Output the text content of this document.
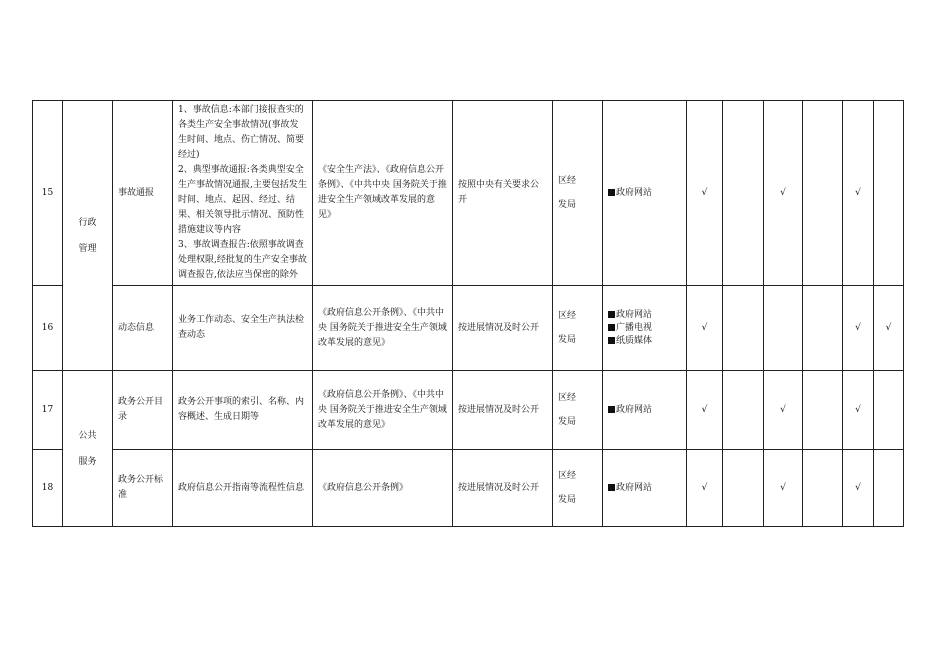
15	行政
管理	事故通报	1、事故信息:本部门接报查实的各类生产安全事故情况(事故发生时间、地点、伤亡情况、简要经过)
2、典型事故通报:各类典型安全生产事故情况通报,主要包括发生时间、地点、起因、经过、结果、相关领导批示情况、预防性措施建议等内容
3、事故调查报告:依照事故调查处理权限,经批复的生产安全事故调查报告,依法应当保密的除外	《安全生产法》、《政府信息公开条例》、《中共中央 国务院关于推进安全生产领域改革发展的意见》	按照中央有关要求公开	区经
发局	政府网站	√		√		√	
16		动态信息	业务工作动态、安全生产执法检查动态	《政府信息公开条例》、《中共中央 国务院关于推进安全生产领域改革发展的意见》	按进展情况及时公开	区经
发局	政府网站
广播电视
纸质媒体	√				√	√
17	公共
服务	政务公开目录	政务公开事项的索引、名称、内容概述、生成日期等	《政府信息公开条例》、《中共中央 国务院关于推进安全生产领域改革发展的意见》	按进展情况及时公开	区经
发局	政府网站	√		√		√	
18		政务公开标准	政府信息公开指南等流程性信息	《政府信息公开条例》	按进展情况及时公开	区经
发局	政府网站	√		√		√	
